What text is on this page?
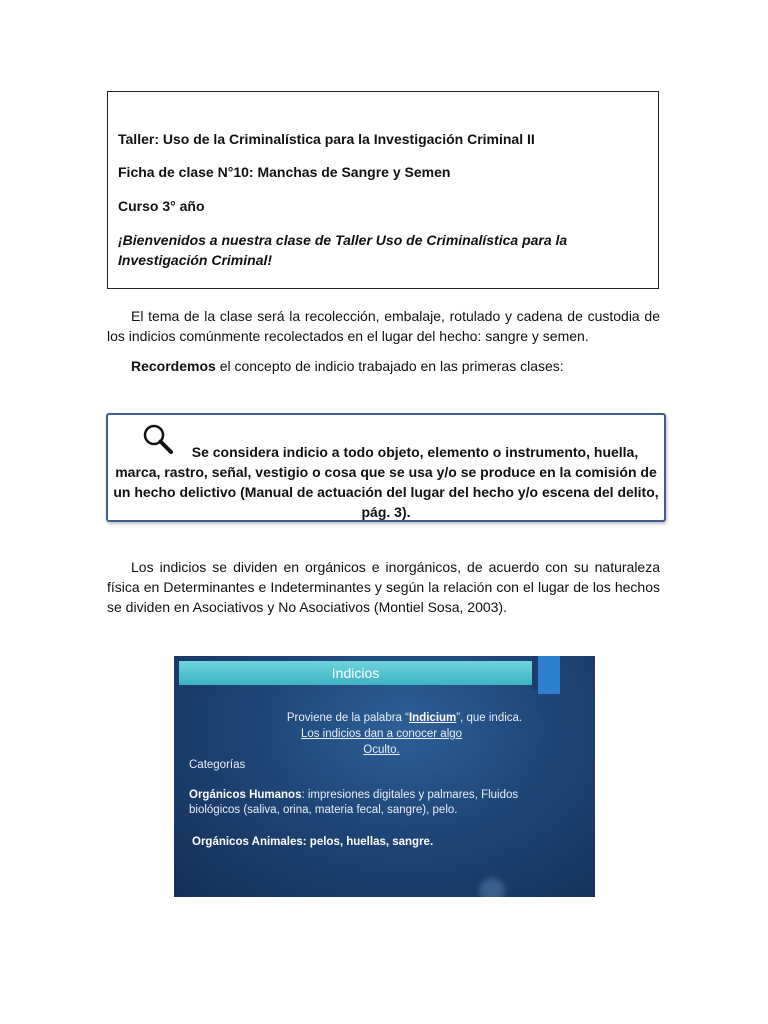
Taller: Uso de la Criminalística para la Investigación Criminal II

Ficha de clase N°10: Manchas de Sangre y Semen

Curso 3° año

¡Bienvenidos a nuestra clase de Taller Uso de Criminalística para la Investigación Criminal!

El tema de la clase será la recolección, embalaje, rotulado y cadena de custodia de los indicios comúnmente recolectados en el lugar del hecho: sangre y semen.

Recordemos el concepto de indicio trabajado en las primeras clases:

Se considera indicio a todo objeto, elemento o instrumento, huella, marca, rastro, señal, vestigio o cosa que se usa y/o se produce en la comisión de un hecho delictivo (Manual de actuación del lugar del hecho y/o escena del delito, pág. 3).

Los indicios se dividen en orgánicos e inorgánicos, de acuerdo con su naturaleza física en Determinantes e Indeterminantes y según la relación con el lugar de los hechos se dividen en Asociativos y No Asociativos (Montiel Sosa, 2003).

Indicios

Proviene de la palabra “Indicium”, que indica.

Los indicios dan a conocer algo

Oculto.

Categorías

Orgánicos Humanos: impresiones digitales y palmares, Fluidos biológicos (saliva, orina, materia fecal, sangre), pelo.

Orgánicos Animales: pelos, huellas, sangre.
